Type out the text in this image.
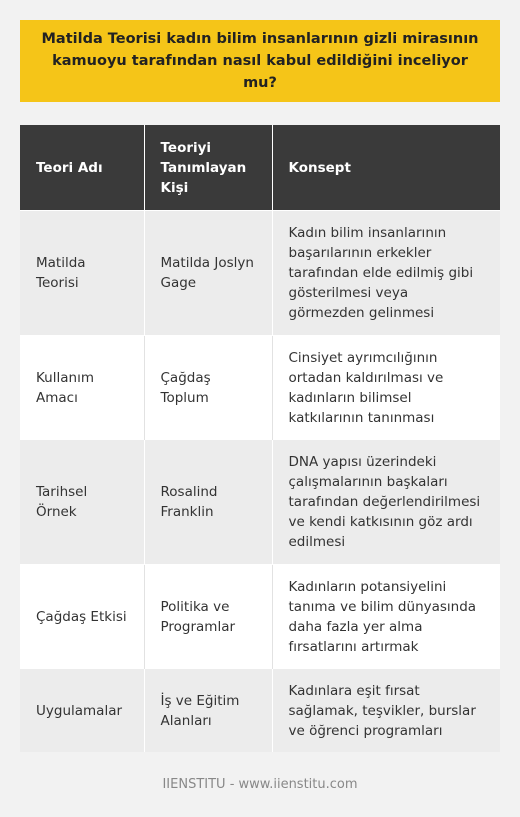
Matilda Teorisi kadın bilim insanlarının gizli mirasının kamuoyu tarafından nasıl kabul edildiğini inceliyor mu?

Teori Adı	Teoriyi Tanımlayan Kişi	Konsept
Matilda Teorisi	Matilda Joslyn Gage	Kadın bilim insanlarının başarılarının erkekler tarafından elde edilmiş gibi gösterilmesi veya görmezden gelinmesi
Kullanım Amacı	Çağdaş Toplum	Cinsiyet ayrımcılığının ortadan kaldırılması ve kadınların bilimsel katkılarının tanınması
Tarihsel Örnek	Rosalind Franklin	DNA yapısı üzerindeki çalışmalarının başkaları tarafından değerlendirilmesi ve kendi katkısının göz ardı edilmesi
Çağdaş Etkisi	Politika ve Programlar	Kadınların potansiyelini tanıma ve bilim dünyasında daha fazla yer alma fırsatlarını artırmak
Uygulamalar	İş ve Eğitim Alanları	Kadınlara eşit fırsat sağlamak, teşvikler, burslar ve öğrenci programları
IIENSTITU - www.iienstitu.com
